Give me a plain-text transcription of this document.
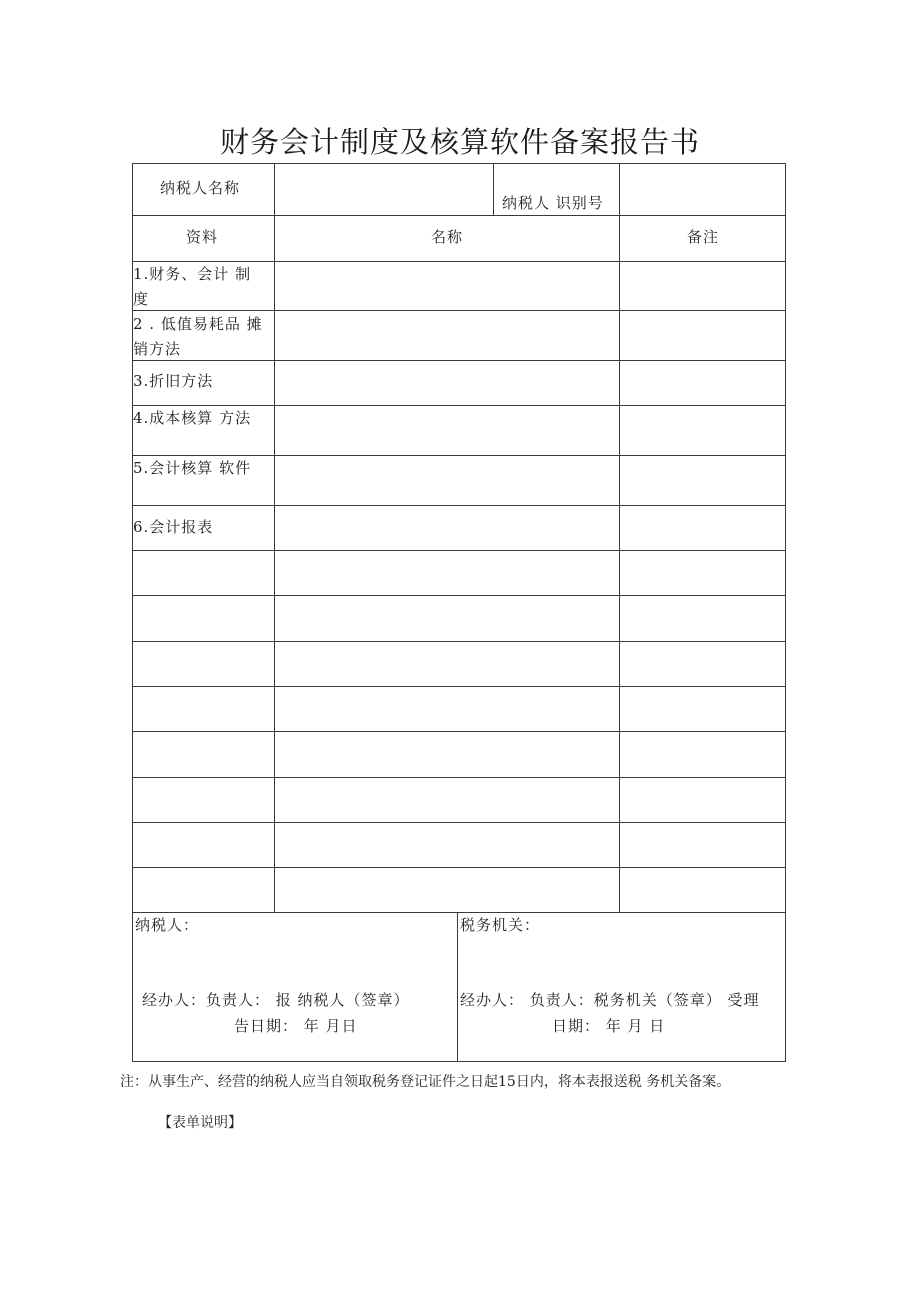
财务会计制度及核算软件备案报告书
纳税人名称
纳税人 识别号
资料	名称	备注
1.财务、会计 制
度
2 . 低值易耗品 摊
销方法
3.折旧方法
4.成本核算 方法
5.会计核算 软件
6.会计报表
纳税人：
经办人：负责人： 报 纳税人（签章）
告日期： 年 月日
税务机关：
经办人： 负责人：税务机关（签章） 受理
日期： 年 月 日
注：从事生产、经营的纳税人应当自领取税务登记证件之日起15日内，将本表报送税 务机关备案。
【表单说明】
